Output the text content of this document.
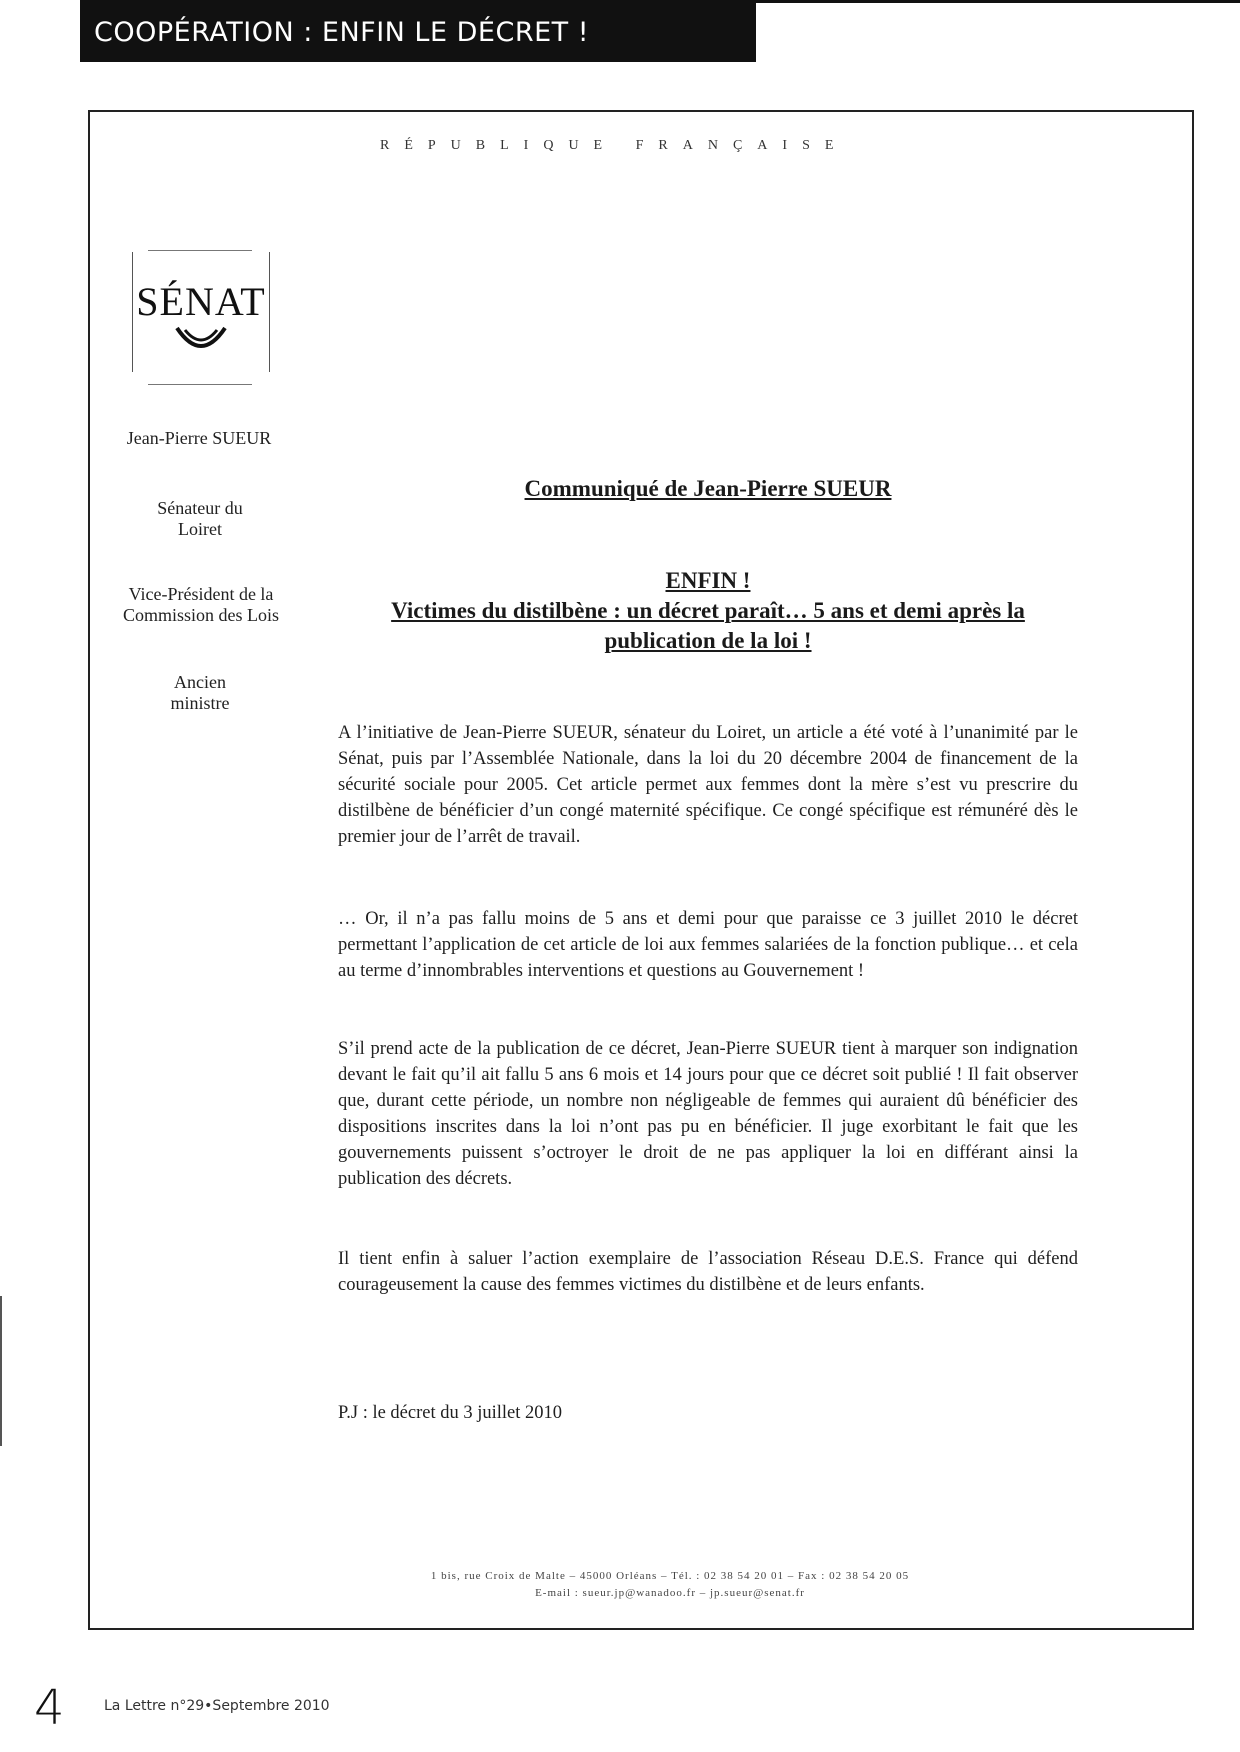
COOPÉRATION : ENFIN LE DÉCRET !
RÉPUBLIQUE FRANÇAISE
SÉNAT
Jean-Pierre SUEUR
Sénateur du Loiret
Vice-Président de la Commission des Lois
Ancien ministre
Communiqué de Jean-Pierre SUEUR
ENFIN !
Victimes du distilbène : un décret paraît… 5 ans et demi après la publication de la loi !
A l’initiative de Jean-Pierre SUEUR, sénateur du Loiret, un article a été voté à l’unanimité par le Sénat, puis par l’Assemblée Nationale, dans la loi du 20 décembre 2004 de financement de la sécurité sociale pour 2005. Cet article permet aux femmes dont la mère s’est vu prescrire du distilbène de bénéficier d’un congé maternité spécifique. Ce congé spécifique est rémunéré dès le premier jour de l’arrêt de travail.
… Or, il n’a pas fallu moins de 5 ans et demi pour que paraisse ce 3 juillet 2010 le décret permettant l’application de cet article de loi aux femmes salariées de la fonction publique… et cela au terme d’innombrables interventions et questions au Gouvernement !
S’il prend acte de la publication de ce décret, Jean-Pierre SUEUR tient à marquer son indignation devant le fait qu’il ait fallu 5 ans 6 mois et 14 jours pour que ce décret soit publié ! Il fait observer que, durant cette période, un nombre non négligeable de femmes qui auraient dû bénéficier des dispositions inscrites dans la loi n’ont pas pu en bénéficier. Il juge exorbitant le fait que les gouvernements puissent s’octroyer le droit de ne pas appliquer la loi en différant ainsi la publication des décrets.
Il tient enfin à saluer l’action exemplaire de l’association Réseau D.E.S. France qui défend courageusement la cause des femmes victimes du distilbène et de leurs enfants.
P.J : le décret du 3 juillet 2010
1 bis, rue Croix de Malte – 45000 Orléans – Tél. : 02 38 54 20 01 – Fax : 02 38 54 20 05
E-mail : sueur.jp@wanadoo.fr – jp.sueur@senat.fr
4	La Lettre n°29•Septembre 2010
